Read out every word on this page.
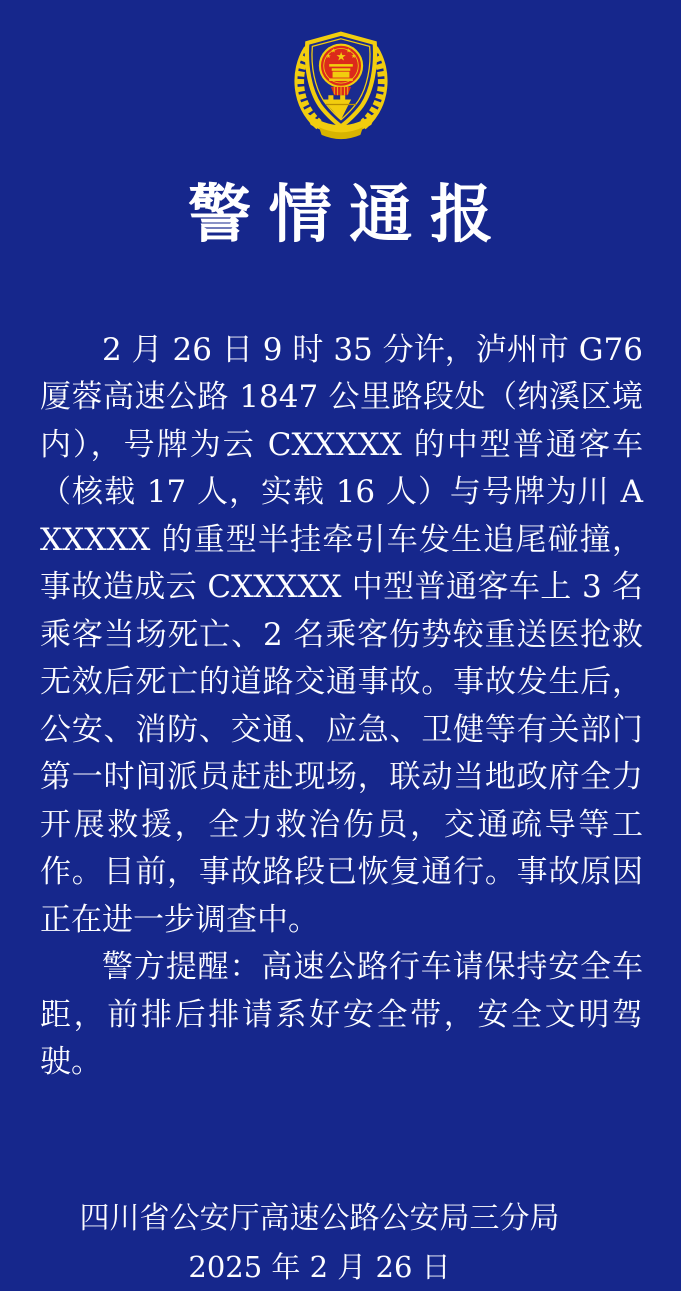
★
★
★ ★
★
警情通报

2 月 26 日 9 时 35 分许，泸州市 G76 厦蓉高速公路 1847 公里路段处（纳溪区境内），号牌为云 CXXXXX 的中型普通客车（核载 17 人，实载 16 人）与号牌为川 AXXXXX 的重型半挂牵引车发生追尾碰撞，事故造成云 CXXXXX 中型普通客车上 3 名乘客当场死亡、2 名乘客伤势较重送医抢救无效后死亡的道路交通事故。事故发生后，公安、消防、交通、应急、卫健等有关部门第一时间派员赶赴现场，联动当地政府全力开展救援，全力救治伤员，交通疏导等工作。目前，事故路段已恢复通行。事故原因正在进一步调查中。

警方提醒：高速公路行车请保持安全车距，前排后排请系好安全带，安全文明驾驶。

四川省公安厅高速公路公安局三分局

2025 年 2 月 26 日
